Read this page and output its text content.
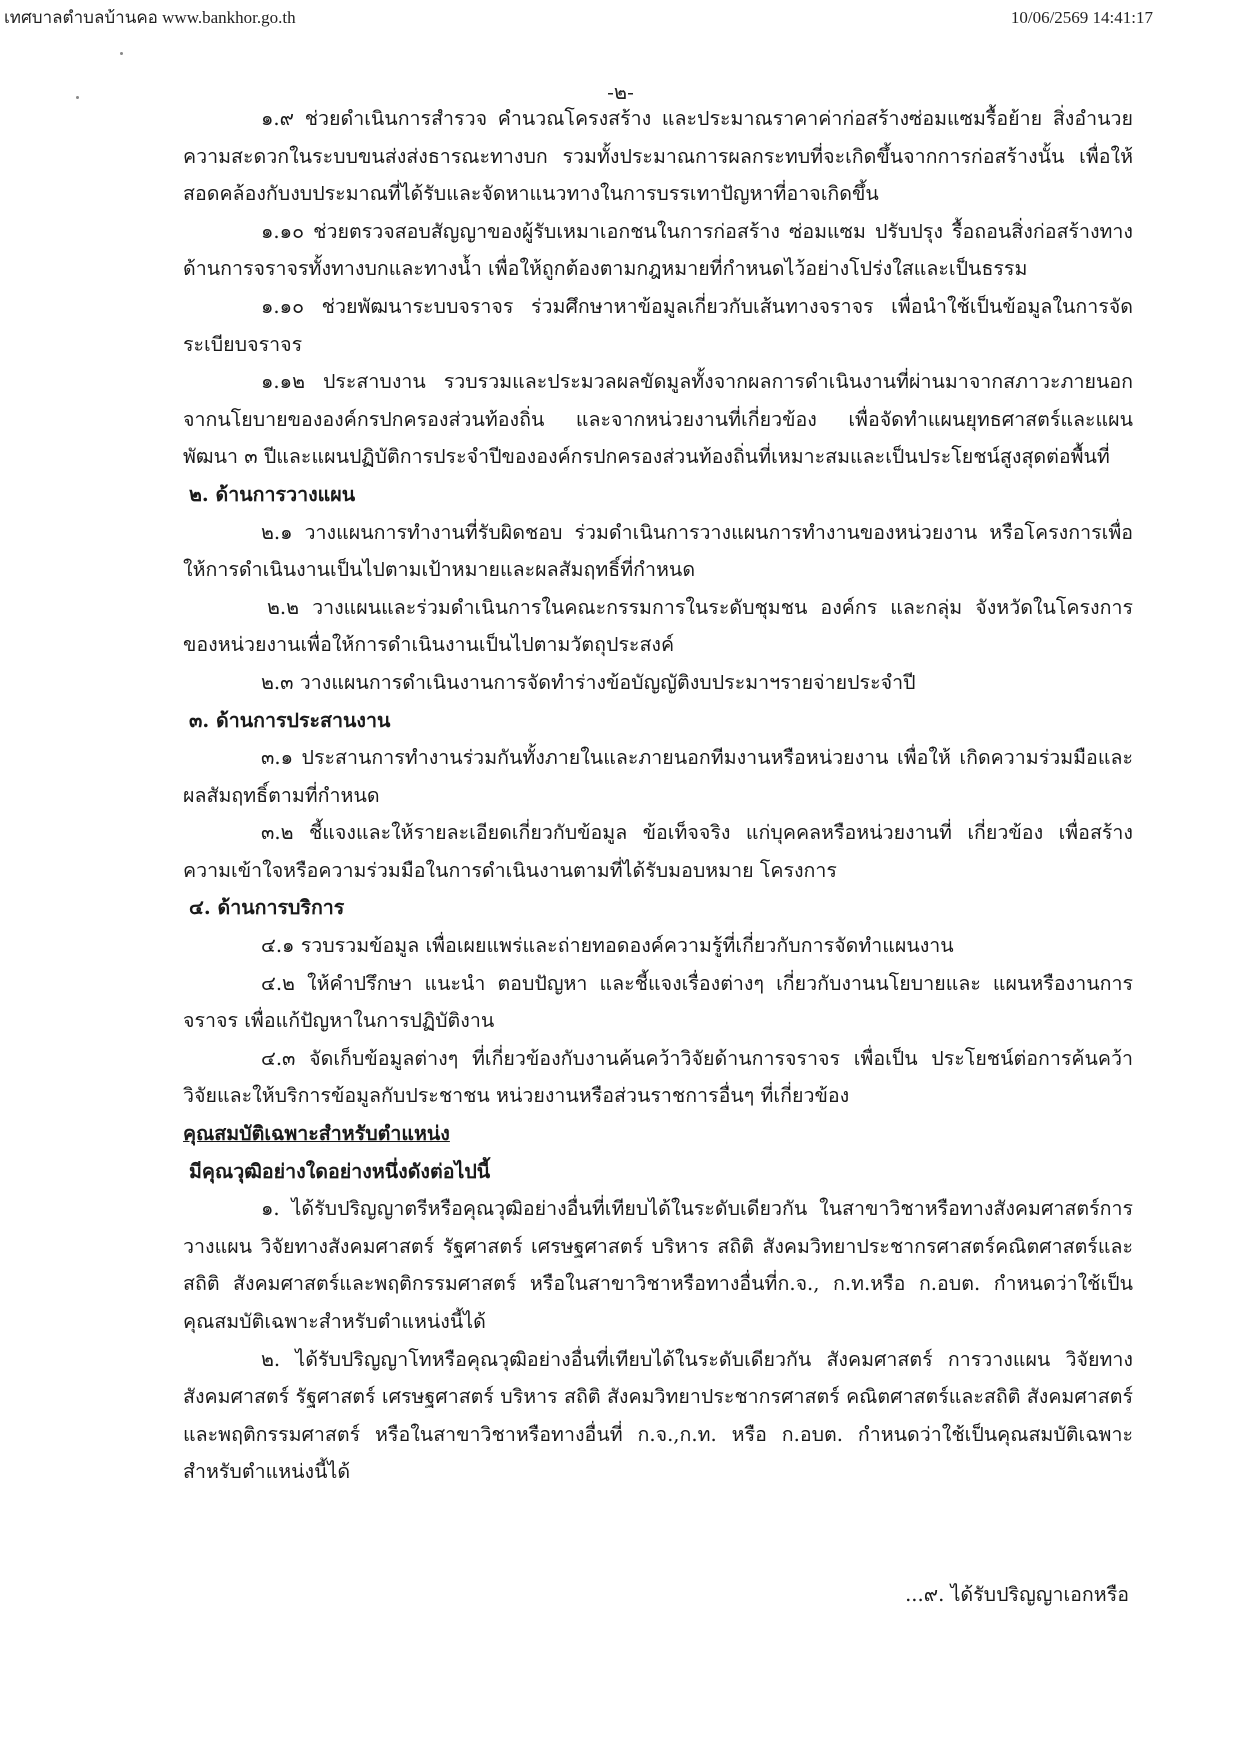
เทศบาลตำบลบ้านคอ www.bankhor.go.th	10/06/2569 14:41:17
-๒-

๑.๙ ช่วยดำเนินการสำรวจ คำนวณโครงสร้าง และประมาณราคาค่าก่อสร้างซ่อมแซมรื้อย้าย สิ่งอำนวยความสะดวกในระบบขนส่งส่งธารณะทางบก รวมทั้งประมาณการผลกระทบที่จะเกิดขึ้นจากการก่อสร้างนั้น เพื่อให้สอดคล้องกับงบประมาณที่ได้รับและจัดหาแนวทางในการบรรเทาปัญหาที่อาจเกิดขึ้น

๑.๑๐ ช่วยตรวจสอบสัญญาของผู้รับเหมาเอกชนในการก่อสร้าง ซ่อมแซม ปรับปรุง รื้อถอนสิ่งก่อสร้างทางด้านการจราจรทั้งทางบกและทางน้ำ เพื่อให้ถูกต้องตามกฎหมายที่กำหนดไว้อย่างโปร่งใสและเป็นธรรม

๑.๑๐ ช่วยพัฒนาระบบจราจร ร่วมศึกษาหาข้อมูลเกี่ยวกับเส้นทางจราจร เพื่อนำใช้เป็นข้อมูลในการจัดระเบียบจราจร

๑.๑๒ ประสาบงาน รวบรวมและประมวลผลขัดมูลทั้งจากผลการดำเนินงานที่ผ่านมาจากสภาวะภายนอก จากนโยบายขององค์กรปกครองส่วนท้องถิ่น และจากหน่วยงานที่เกี่ยวข้อง เพื่อจัดทำแผนยุทธศาสตร์และแผนพัฒนา ๓ ปีและแผนปฏิบัติการประจำปีขององค์กรปกครองส่วนท้องถิ่นที่เหมาะสมและเป็นประโยชน์สูงสุดต่อพื้นที่

๒. ด้านการวางแผน

๒.๑ วางแผนการทำงานที่รับผิดชอบ ร่วมดำเนินการวางแผนการทำงานของหน่วยงาน หรือโครงการเพื่อให้การดำเนินงานเป็นไปตามเป้าหมายและผลสัมฤทธิ์ที่กำหนด

๒.๒ วางแผนและร่วมดำเนินการในคณะกรรมการในระดับชุมชน องค์กร และกลุ่ม จังหวัดในโครงการของหน่วยงานเพื่อให้การดำเนินงานเป็นไปตามวัตถุประสงค์

๒.๓ วางแผนการดำเนินงานการจัดทำร่างข้อบัญญัติงบประมาฯรายจ่ายประจำปี

๓. ด้านการประสานงาน

๓.๑ ประสานการทำงานร่วมกันทั้งภายในและภายนอกทีมงานหรือหน่วยงาน เพื่อให้ เกิดความร่วมมือและผลสัมฤทธิ์ตามที่กำหนด

๓.๒ ชี้แจงและให้รายละเอียดเกี่ยวกับข้อมูล ข้อเท็จจริง แก่บุคคลหรือหน่วยงานที่ เกี่ยวข้อง เพื่อสร้างความเข้าใจหรือความร่วมมือในการดำเนินงานตามที่ได้รับมอบหมาย โครงการ

๔. ด้านการบริการ

๔.๑ รวบรวมข้อมูล เพื่อเผยแพร่และถ่ายทอดองค์ความรู้ที่เกี่ยวกับการจัดทำแผนงาน

๔.๒ ให้คำปรึกษา แนะนำ ตอบปัญหา และชี้แจงเรื่องต่างๆ เกี่ยวกับงานนโยบายและ แผนหรืองานการจราจร เพื่อแก้ปัญหาในการปฏิบัติงาน

๔.๓ จัดเก็บข้อมูลต่างๆ ที่เกี่ยวข้องกับงานค้นคว้าวิจัยด้านการจราจร เพื่อเป็น ประโยชน์ต่อการค้นคว้าวิจัยและให้บริการข้อมูลกับประชาชน หน่วยงานหรือส่วนราชการอื่นๆ ที่เกี่ยวข้อง

คุณสมบัติเฉพาะสำหรับตำแหน่ง

มีคุณวุฒิอย่างใดอย่างหนึ่งดังต่อไปนี้

๑. ได้รับปริญญาตรีหรือคุณวุฒิอย่างอื่นที่เทียบได้ในระดับเดียวกัน ในสาขาวิชาหรือทางสังคมศาสตร์การวางแผน วิจัยทางสังคมศาสตร์ รัฐศาสตร์ เศรษฐศาสตร์ บริหาร สถิติ สังคมวิทยาประชากรศาสตร์คณิตศาสตร์และสถิติ สังคมศาสตร์และพฤติกรรมศาสตร์ หรือในสาขาวิชาหรือทางอื่นที่ก.จ., ก.ท.หรือ ก.อบต. กำหนดว่าใช้เป็นคุณสมบัติเฉพาะสำหรับตำแหน่งนี้ได้

๒. ได้รับปริญญาโทหรือคุณวุฒิอย่างอื่นที่เทียบได้ในระดับเดียวกัน สังคมศาสตร์ การวางแผน วิจัยทางสังคมศาสตร์ รัฐศาสตร์ เศรษฐศาสตร์ บริหาร สถิติ สังคมวิทยาประชากรศาสตร์ คณิตศาสตร์และสถิติ สังคมศาสตร์และพฤติกรรมศาสตร์ หรือในสาขาวิชาหรือทางอื่นที่ ก.จ.,ก.ท. หรือ ก.อบต. กำหนดว่าใช้เป็นคุณสมบัติเฉพาะสำหรับตำแหน่งนี้ได้

...๙. ได้รับปริญญาเอกหรือ
